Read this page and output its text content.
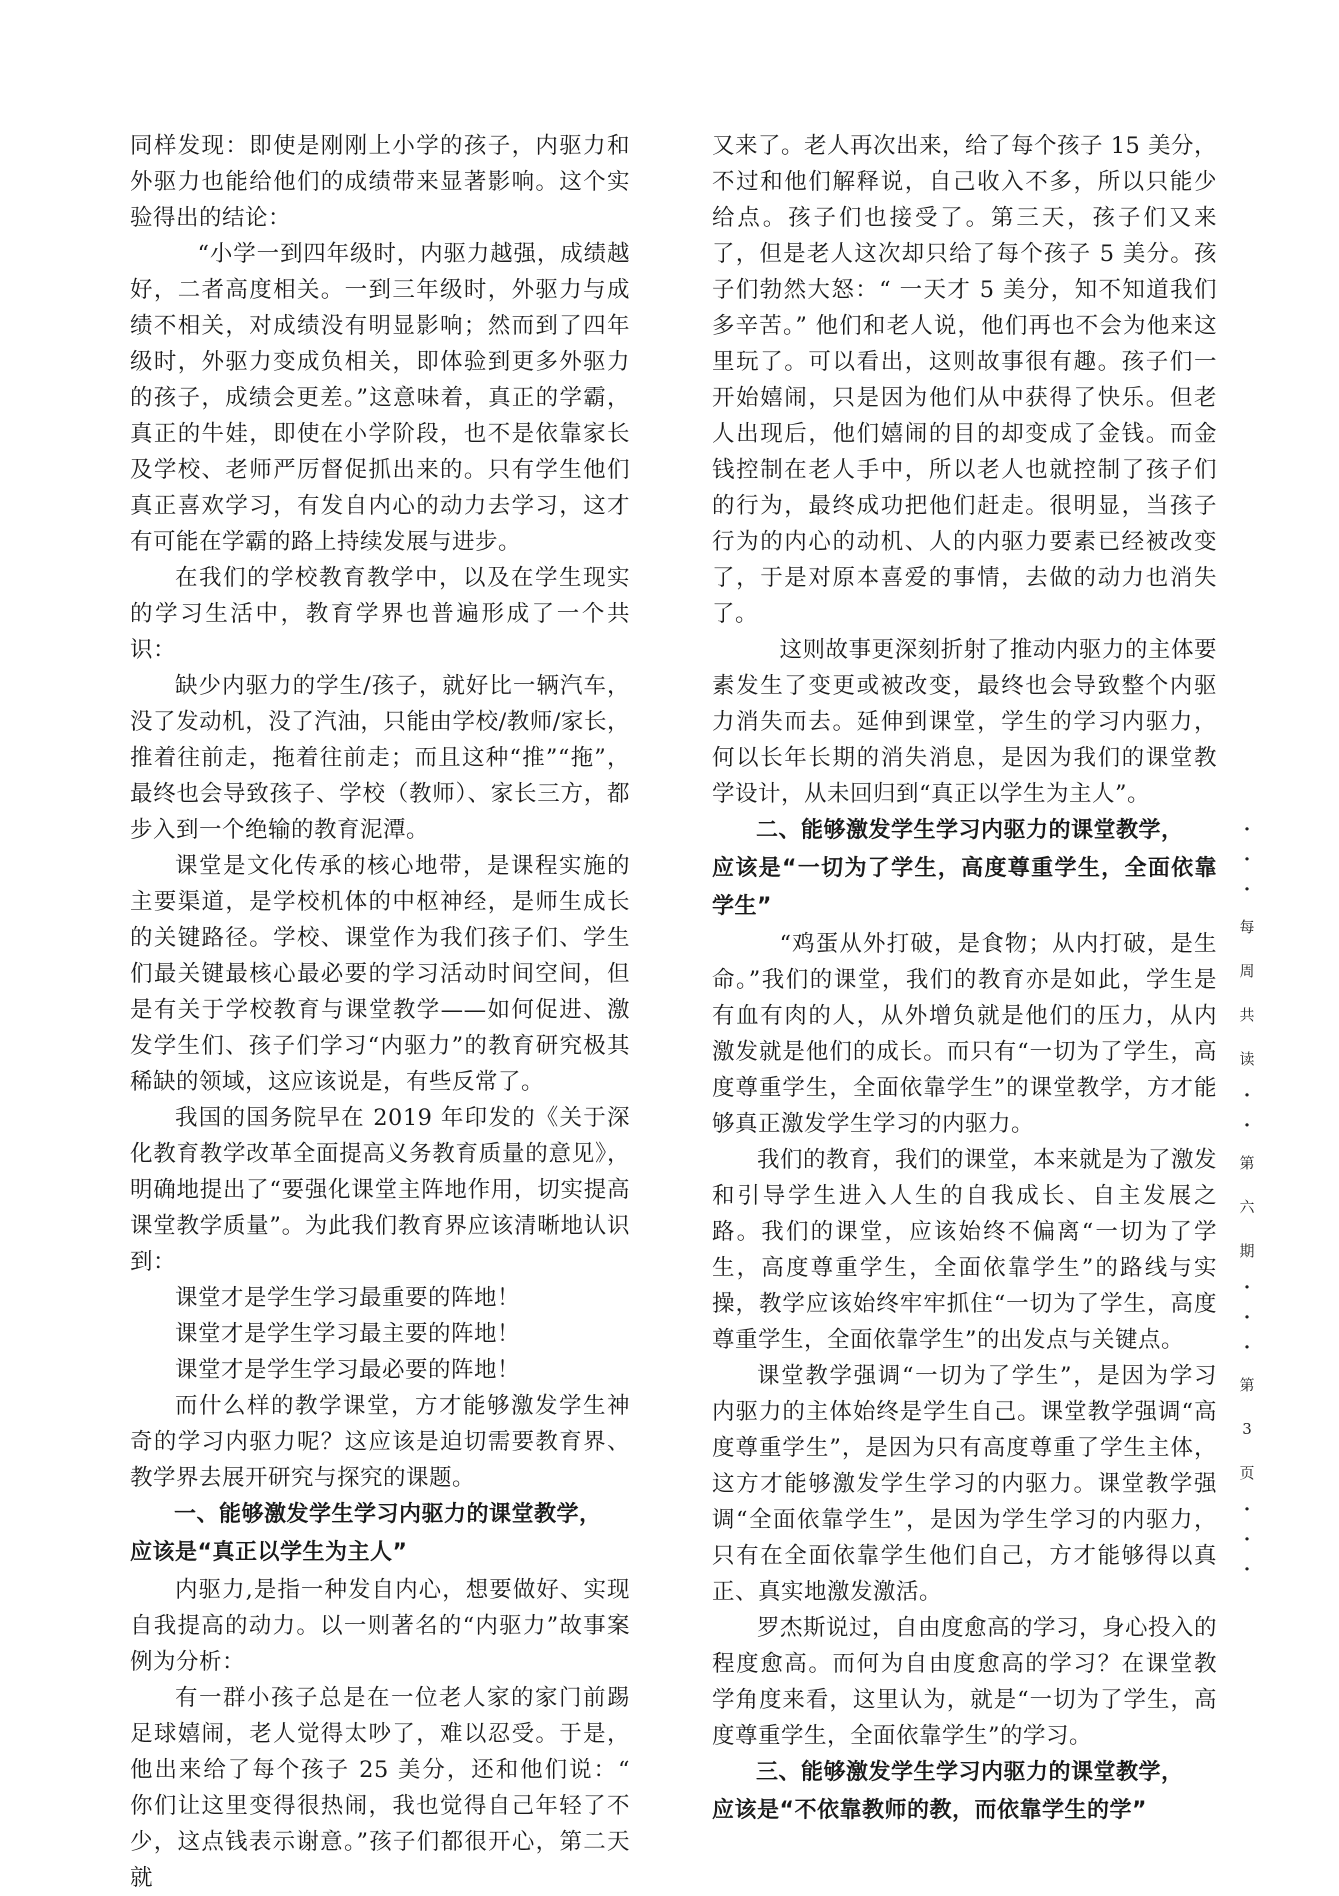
同样发现：即使是刚刚上小学的孩子，内驱力和外驱力也能给他们的成绩带来显著影响。这个实验得出的结论：

“小学一到四年级时，内驱力越强，成绩越好，二者高度相关。一到三年级时，外驱力与成绩不相关，对成绩没有明显影响；然而到了四年级时，外驱力变成负相关，即体验到更多外驱力的孩子，成绩会更差。”这意味着，真正的学霸，真正的牛娃，即使在小学阶段，也不是依靠家长及学校、老师严厉督促抓出来的。只有学生他们真正喜欢学习，有发自内心的动力去学习，这才有可能在学霸的路上持续发展与进步。

在我们的学校教育教学中，以及在学生现实的学习生活中，教育学界也普遍形成了一个共识：

缺少内驱力的学生/孩子，就好比一辆汽车，没了发动机，没了汽油，只能由学校/教师/家长，推着往前走，拖着往前走；而且这种“推”“拖”，最终也会导致孩子、学校（教师）、家长三方，都步入到一个绝输的教育泥潭。

课堂是文化传承的核心地带，是课程实施的主要渠道，是学校机体的中枢神经，是师生成长的关键路径。学校、课堂作为我们孩子们、学生们最关键最核心最必要的学习活动时间空间，但是有关于学校教育与课堂教学——如何促进、激发学生们、孩子们学习“内驱力”的教育研究极其稀缺的领域，这应该说是，有些反常了。

我国的国务院早在 2019 年印发的《关于深化教育教学改革全面提高义务教育质量的意见》，明确地提出了“要强化课堂主阵地作用，切实提高课堂教学质量”。为此我们教育界应该清晰地认识到：

课堂才是学生学习最重要的阵地！

课堂才是学生学习最主要的阵地！

课堂才是学生学习最必要的阵地！

而什么样的教学课堂，方才能够激发学生神奇的学习内驱力呢？这应该是迫切需要教育界、教学界去展开研究与探究的课题。

一、能够激发学生学习内驱力的课堂教学，
应该是“真正以学生为主人”

内驱力,是指一种发自内心，想要做好、实现自我提高的动力。以一则著名的“内驱力”故事案例为分析：

有一群小孩子总是在一位老人家的家门前踢足球嬉闹，老人觉得太吵了，难以忍受。于是，他出来给了每个孩子 25 美分，还和他们说：“ 你们让这里变得很热闹，我也觉得自己年轻了不少，这点钱表示谢意。”孩子们都很开心，第二天就

又来了。老人再次出来，给了每个孩子 15 美分，不过和他们解释说，自己收入不多，所以只能少给点。孩子们也接受了。第三天，孩子们又来了，但是老人这次却只给了每个孩子 5 美分。孩子们勃然大怒：“ 一天才 5 美分，知不知道我们多辛苦。” 他们和老人说，他们再也不会为他来这里玩了。可以看出，这则故事很有趣。孩子们一开始嬉闹，只是因为他们从中获得了快乐。但老人出现后，他们嬉闹的目的却变成了金钱。而金钱控制在老人手中，所以老人也就控制了孩子们的行为，最终成功把他们赶走。很明显，当孩子行为的内心的动机、人的内驱力要素已经被改变了，于是对原本喜爱的事情，去做的动力也消失了。

这则故事更深刻折射了推动内驱力的主体要素发生了变更或被改变，最终也会导致整个内驱力消失而去。延伸到课堂，学生的学习内驱力，何以长年长期的消失消息，是因为我们的课堂教学设计，从未回归到“真正以学生为主人”。

二、能够激发学生学习内驱力的课堂教学，
应该是“一切为了学生，高度尊重学生，全面依靠学生”

“鸡蛋从外打破，是食物；从内打破，是生命。”我们的课堂，我们的教育亦是如此，学生是有血有肉的人，从外增负就是他们的压力，从内激发就是他们的成长。而只有“一切为了学生，高度尊重学生，全面依靠学生”的课堂教学，方才能够真正激发学生学习的内驱力。

我们的教育，我们的课堂，本来就是为了激发和引导学生进入人生的自我成长、自主发展之路。我们的课堂，应该始终不偏离“一切为了学生，高度尊重学生，全面依靠学生”的路线与实操，教学应该始终牢牢抓住“一切为了学生，高度尊重学生，全面依靠学生”的出发点与关键点。

课堂教学强调“一切为了学生”，是因为学习内驱力的主体始终是学生自己。课堂教学强调“高度尊重学生”，是因为只有高度尊重了学生主体，这方才能够激发学生学习的内驱力。课堂教学强调“全面依靠学生”，是因为学生学习的内驱力，只有在全面依靠学生他们自己，方才能够得以真正、真实地激发激活。

罗杰斯说过，自由度愈高的学习，身心投入的程度愈高。而何为自由度愈高的学习？在课堂教学角度来看，这里认为，就是“一切为了学生，高度尊重学生，全面依靠学生”的学习。

三、能够激发学生学习内驱力的课堂教学，
应该是“不依靠教师的教，而依靠学生的学”

·
·
·
每
周
共
读
·
·
第
六
期
·
·
·
第
3
页
·
·
·
